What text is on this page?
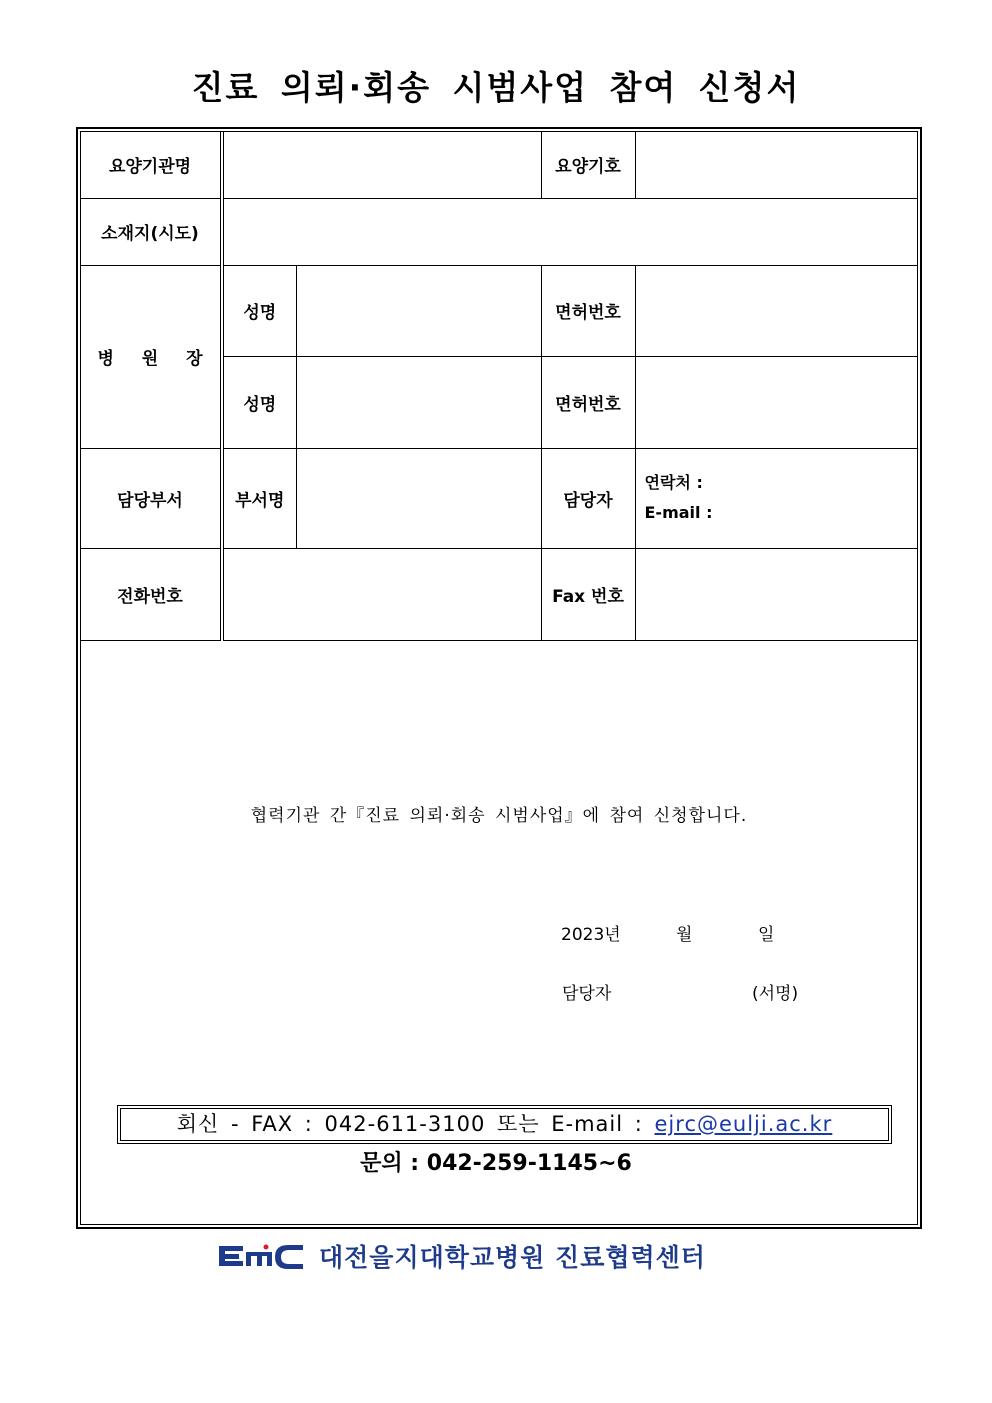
진료 의뢰·회송 시범사업 참여 신청서
요양기관명			요양기호	
소재지(시도)				
병 원 장	성명		면허번호	
	성명		면허번호	
담당부서	부서명		담당자	연락처 :
E-mail :

전화번호			Fax 번호	
협력기관 간『진료 의뢰·회송 시범사업』에 참여 신청합니다.
2023년	월	일
담당자	(서명)
회신 - FAX : 042-611-3100 또는 E-mail : ejrc@eulji.ac.kr
문의 : 042-259-1145~6
대전을지대학교병원 진료협력센터
